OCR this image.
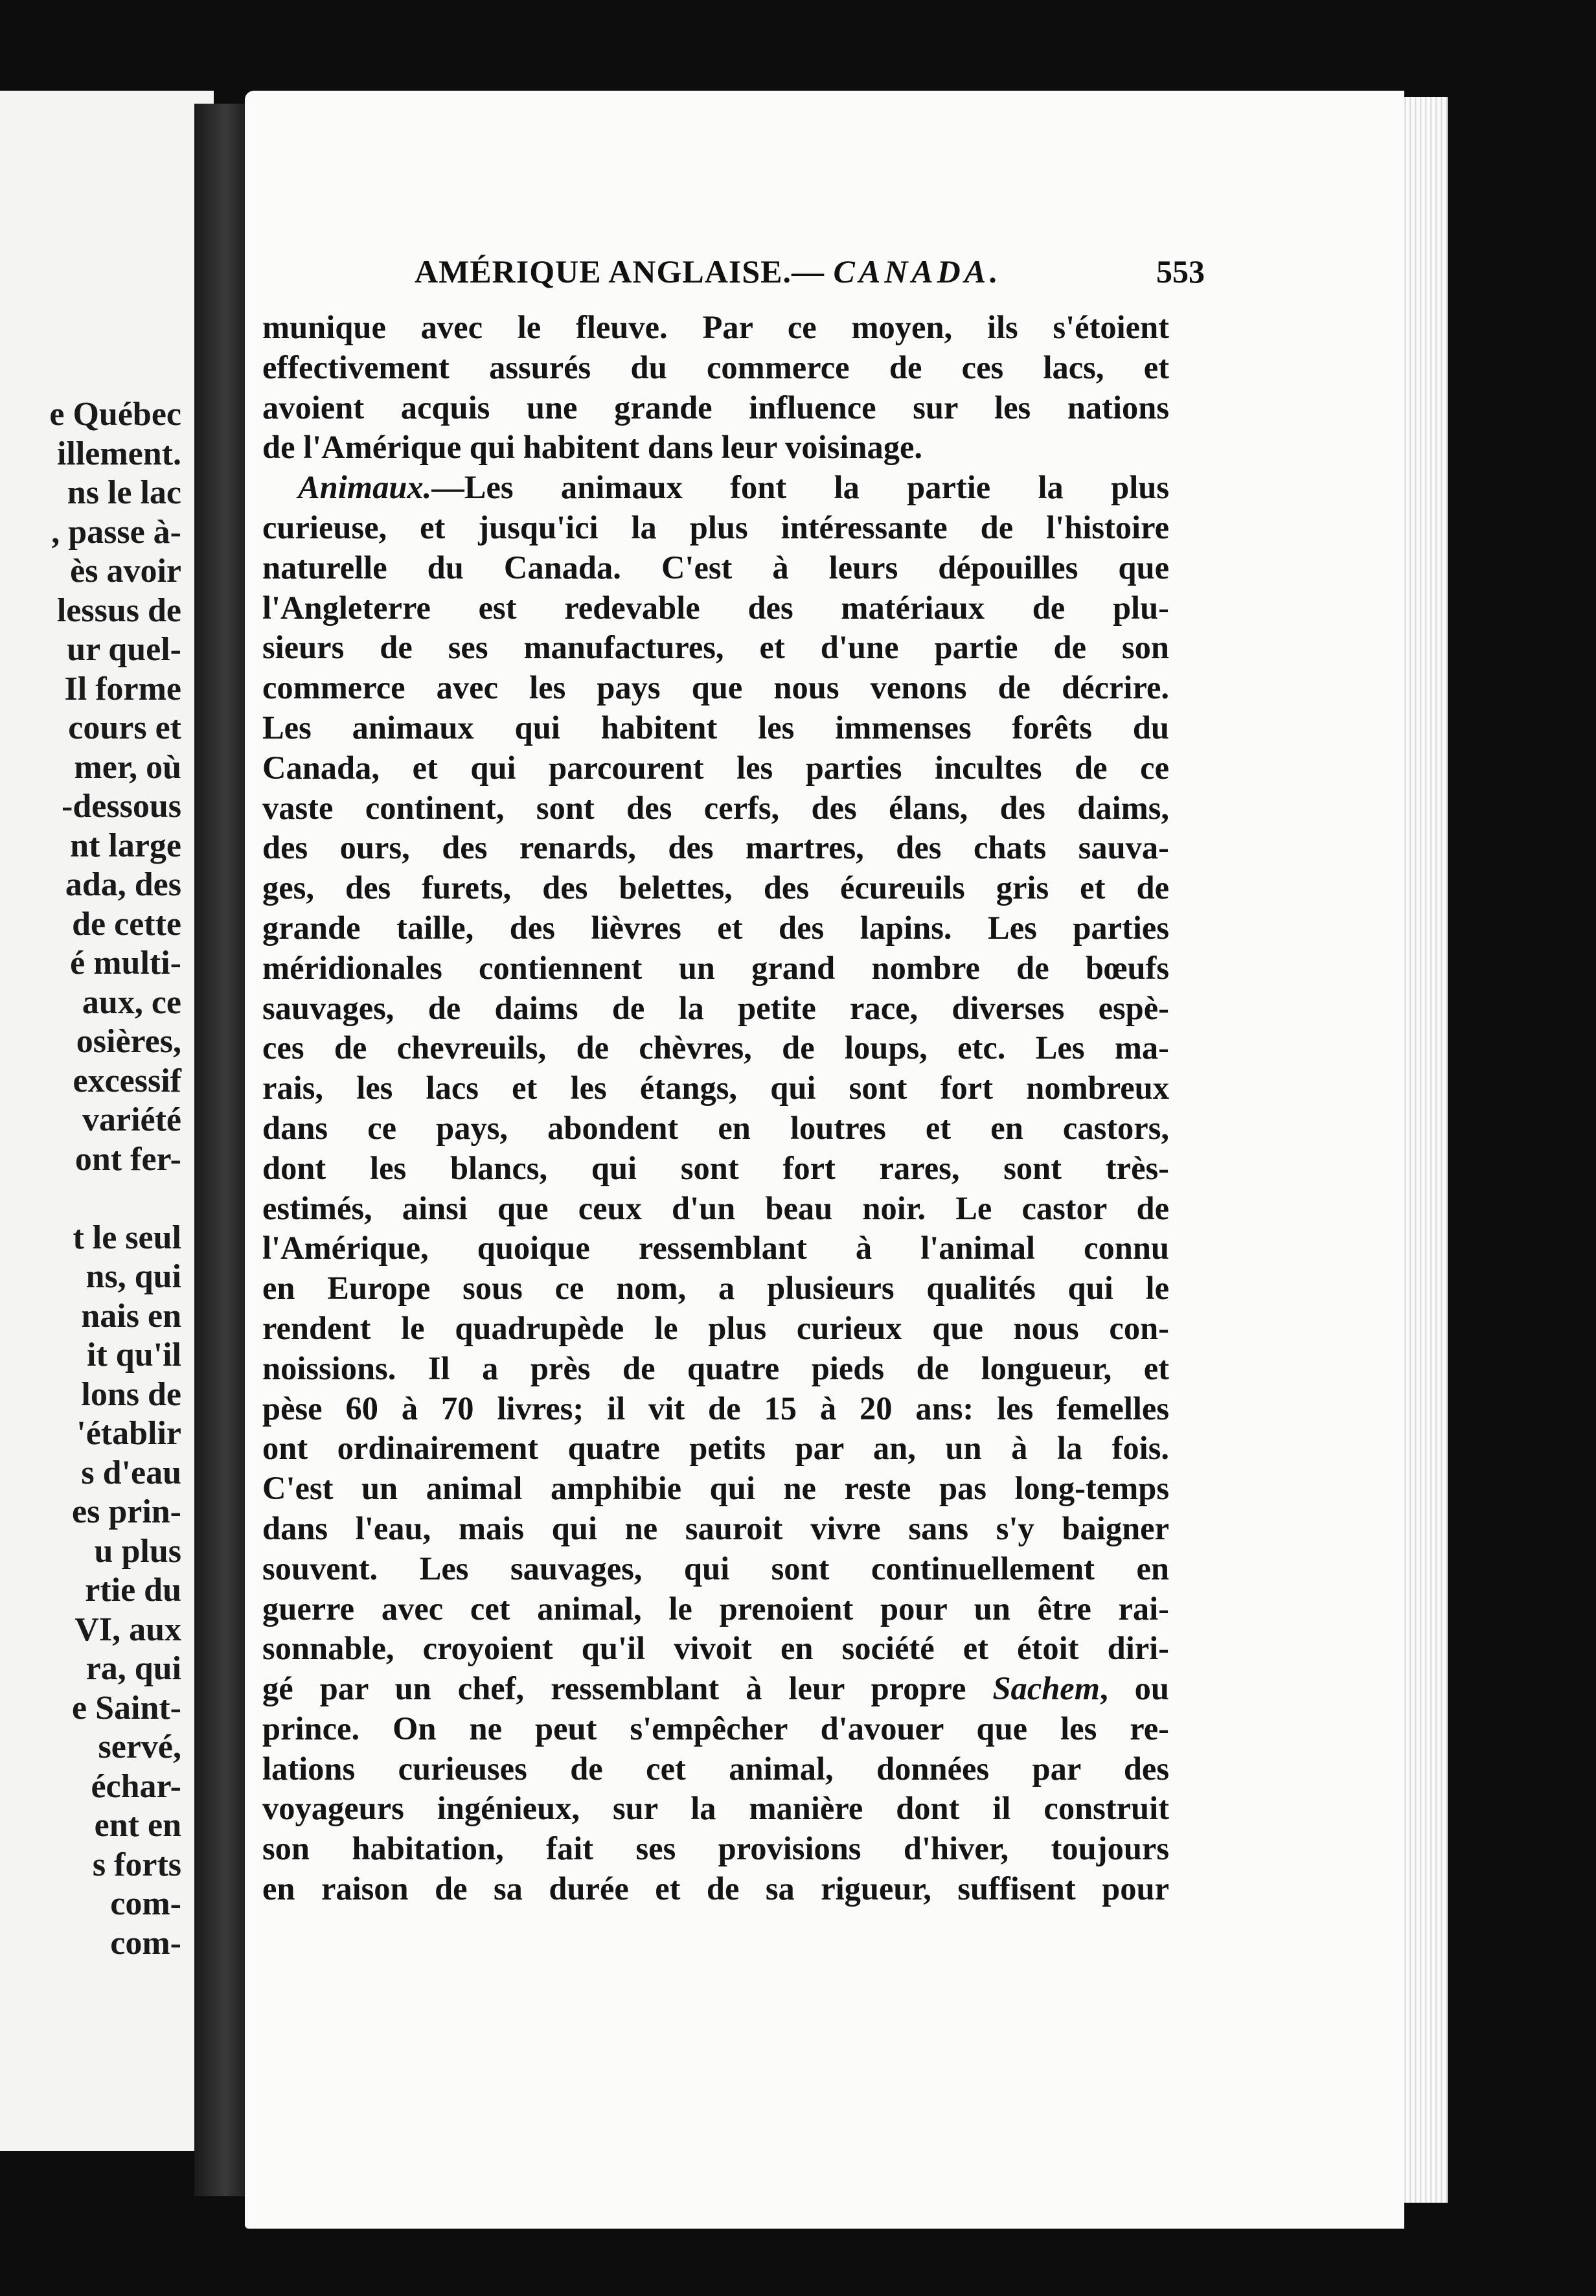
e Québec
illement.
ns le lac
, passe à-
ès avoir
lessus de
ur quel-
Il forme
cours et
mer, où
-dessous
nt large
ada, des
de cette
é multi-
aux, ce
osières,
excessif
variété
ont fer-
t le seul
ns, qui
nais en
it qu'il
lons de
'établir
s d'eau
es prin-
u plus
rtie du
VI, aux
ra, qui
e Saint-
servé,
échar-
ent en
s forts
com-
com-
AMÉRIQUE ANGLAISE.— CANADA.	553
munique avec le fleuve. Par ce moyen, ils s'étoient
effectivement assurés du commerce de ces lacs, et
avoient acquis une grande influence sur les nations
de l'Amérique qui habitent dans leur voisinage.
Animaux.—Les animaux font la partie la plus
curieuse, et jusqu'ici la plus intéressante de l'histoire
naturelle du Canada. C'est à leurs dépouilles que
l'Angleterre est redevable des matériaux de plu-
sieurs de ses manufactures, et d'une partie de son
commerce avec les pays que nous venons de décrire.
Les animaux qui habitent les immenses forêts du
Canada, et qui parcourent les parties incultes de ce
vaste continent, sont des cerfs, des élans, des daims,
des ours, des renards, des martres, des chats sauva-
ges, des furets, des belettes, des écureuils gris et de
grande taille, des lièvres et des lapins. Les parties
méridionales contiennent un grand nombre de bœufs
sauvages, de daims de la petite race, diverses espè-
ces de chevreuils, de chèvres, de loups, etc. Les ma-
rais, les lacs et les étangs, qui sont fort nombreux
dans ce pays, abondent en loutres et en castors,
dont les blancs, qui sont fort rares, sont très-
estimés, ainsi que ceux d'un beau noir. Le castor de
l'Amérique, quoique ressemblant à l'animal connu
en Europe sous ce nom, a plusieurs qualités qui le
rendent le quadrupède le plus curieux que nous con-
noissions. Il a près de quatre pieds de longueur, et
pèse 60 à 70 livres; il vit de 15 à 20 ans: les femelles
ont ordinairement quatre petits par an, un à la fois.
C'est un animal amphibie qui ne reste pas long-temps
dans l'eau, mais qui ne sauroit vivre sans s'y baigner
souvent. Les sauvages, qui sont continuellement en
guerre avec cet animal, le prenoient pour un être rai-
sonnable, croyoient qu'il vivoit en société et étoit diri-
gé par un chef, ressemblant à leur propre Sachem, ou
prince. On ne peut s'empêcher d'avouer que les re-
lations curieuses de cet animal, données par des
voyageurs ingénieux, sur la manière dont il construit
son habitation, fait ses provisions d'hiver, toujours
en raison de sa durée et de sa rigueur, suffisent pour
